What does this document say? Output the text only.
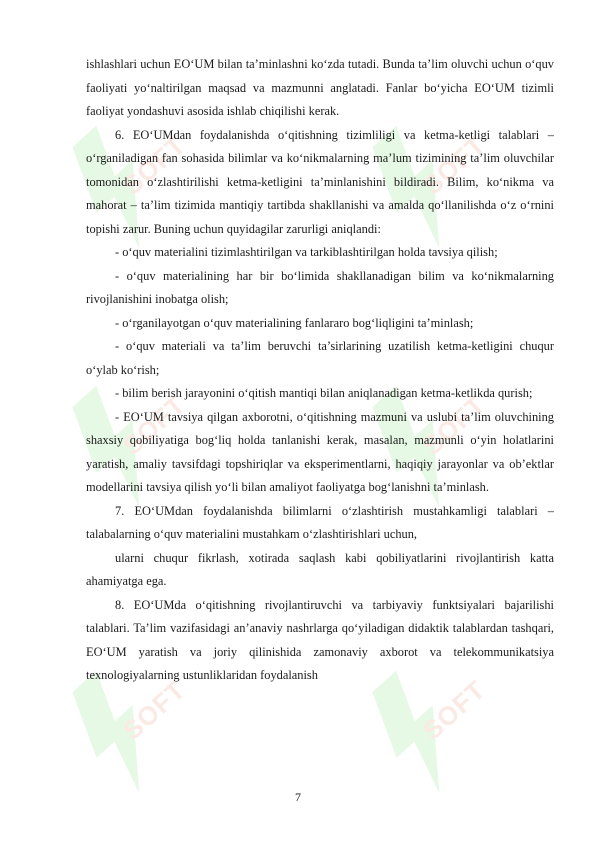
SOFT	SOFT
SOFT	SOFT
SOFT	SOFT

ishlashlari uchun EO‘UM bilan ta’minlashni ko‘zda tutadi. Bunda ta’lim oluvchi uchun o‘quv faoliyati yo‘naltirilgan maqsad va mazmunni anglatadi. Fanlar bo‘yicha EO‘UM tizimli faoliyat yondashuvi asosida ishlab chiqilishi kerak.

6. EO‘UMdan foydalanishda o‘qitishning tizimliligi va ketma-ketligi talablari – o‘rganiladigan fan sohasida bilimlar va ko‘nikmalarning ma’lum tizimining ta’lim oluvchilar tomonidan o‘zlashtirilishi ketma-ketligini ta’minlanishini bildiradi. Bilim, ko‘nikma va mahorat – ta’lim tizimida mantiqiy tartibda shakllanishi va amalda qo‘llanilishda o‘z o‘rnini topishi zarur. Buning uchun quyidagilar zarurligi aniqlandi:

- o‘quv materialini tizimlashtirilgan va tarkiblashtirilgan holda tavsiya qilish;

- o‘quv materialining har bir bo‘limida shakllanadigan bilim va ko‘nikmalarning rivojlanishini inobatga olish;

- o‘rganilayotgan o‘quv materialining fanlararo bog‘liqligini ta’minlash;

- o‘quv materiali va ta’lim beruvchi ta’sirlarining uzatilish ketma-ketligini chuqur o‘ylab ko‘rish;

- bilim berish jarayonini o‘qitish mantiqi bilan aniqlanadigan ketma-ketlikda qurish;

- EO‘UM tavsiya qilgan axborotni, o‘qitishning mazmuni va uslubi ta’lim oluvchining shaxsiy qobiliyatiga bog‘liq holda tanlanishi kerak, masalan, mazmunli o‘yin holatlarini yaratish, amaliy tavsifdagi topshiriqlar va eksperimentlarni, haqiqiy jarayonlar va ob’ektlar modellarini tavsiya qilish yo‘li bilan amaliyot faoliyatga bog‘lanishni ta’minlash.

7. EO‘UMdan foydalanishda bilimlarni o‘zlashtirish mustahkamligi talablari – talabalarning o‘quv materialini mustahkam o‘zlashtirishlari uchun,

ularni chuqur fikrlash, xotirada saqlash kabi qobiliyatlarini rivojlantirish katta ahamiyatga ega.

8. EO‘UMda o‘qitishning rivojlantiruvchi va tarbiyaviy funktsiyalari bajarilishi talablari. Ta’lim vazifasidagi an’anaviy nashrlarga qo‘yiladigan didaktik talablardan tashqari, EO‘UM yaratish va joriy qilinishida zamonaviy axborot va telekommunikatsiya texnologiyalarning ustunliklaridan foydalanish

7
